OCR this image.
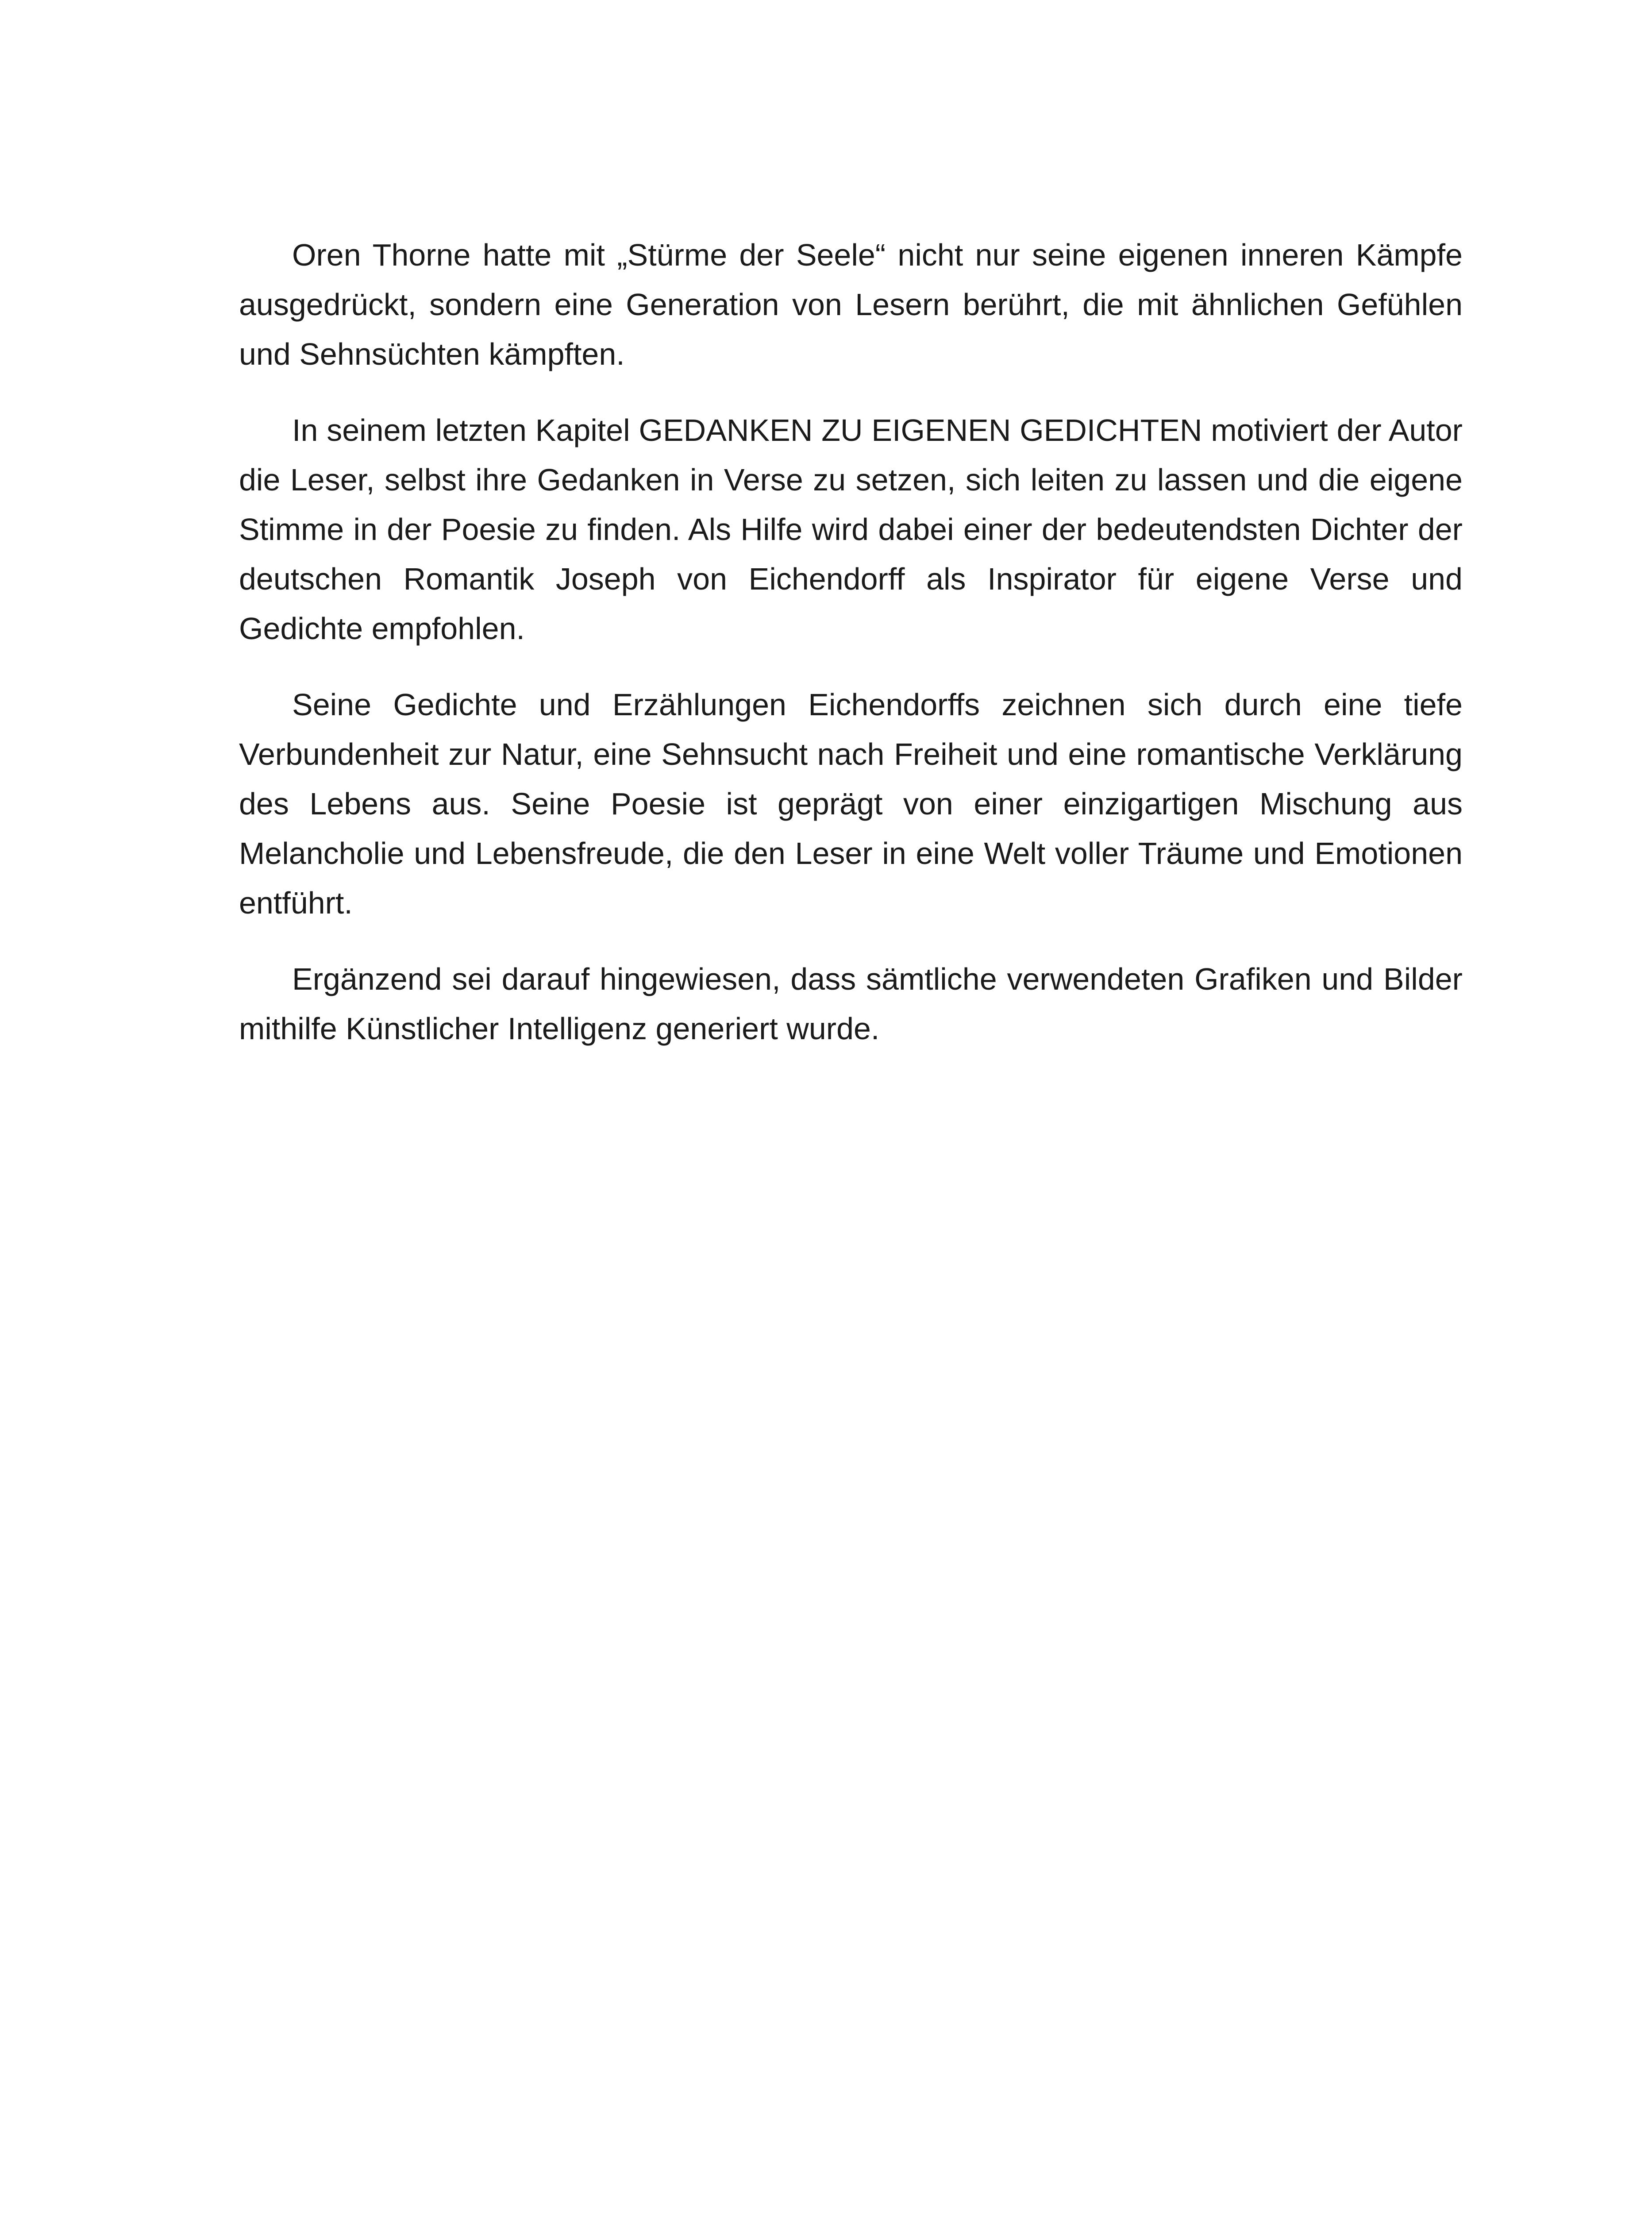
Oren Thorne hatte mit „Stürme der Seele“ nicht nur seine eigenen inneren Kämpfe ausgedrückt, sondern eine Generation von Lesern berührt, die mit ähnlichen Gefühlen und Sehnsüchten kämpften.

In seinem letzten Kapitel GEDANKEN ZU EIGENEN GEDICHTEN motiviert der Autor die Leser, selbst ihre Gedanken in Verse zu setzen, sich leiten zu lassen und die eigene Stimme in der Poesie zu finden. Als Hilfe wird dabei einer der bedeutendsten Dichter der deutschen Romantik Joseph von Eichendorff als Inspirator für eigene Verse und Gedichte empfohlen.

Seine Gedichte und Erzählungen Eichendorffs zeichnen sich durch eine tiefe Verbundenheit zur Natur, eine Sehnsucht nach Freiheit und eine romantische Verklärung des Lebens aus. Seine Poesie ist geprägt von einer einzigartigen Mischung aus Melancholie und Lebensfreude, die den Leser in eine Welt voller Träume und Emotionen entführt.

Ergänzend sei darauf hingewiesen, dass sämtliche verwendeten Grafiken und Bilder mithilfe Künstlicher Intelligenz generiert wurde.
